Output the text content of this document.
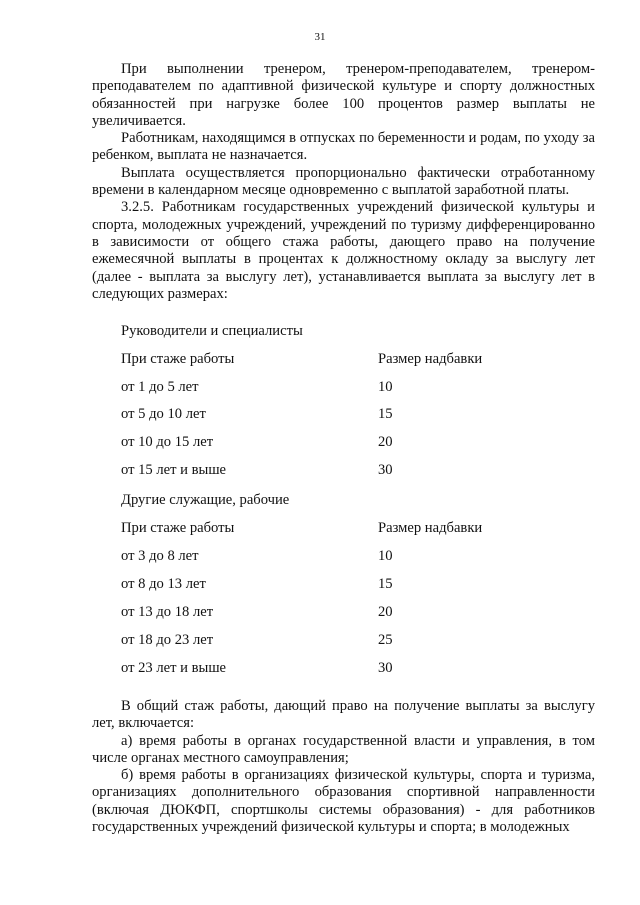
31

При выполнении тренером, тренером-преподавателем, тренером-преподавателем по адаптивной физической культуре и спорту должностных обязанностей при нагрузке более 100 процентов размер выплаты не увеличивается.

Работникам, находящимся в отпусках по беременности и родам, по уходу за ребенком, выплата не назначается.

Выплата осуществляется пропорционально фактически отработанному времени в календарном месяце одновременно с выплатой заработной платы.

3.2.5. Работникам государственных учреждений физической культуры и спорта, молодежных учреждений, учреждений по туризму дифференцированно в зависимости от общего стажа работы, дающего право на получение ежемесячной выплаты в процентах к должностному окладу за выслугу лет (далее - выплата за выслугу лет), устанавливается выплата за выслугу лет в следующих размерах:

Руководители и специалисты
При стаже работы	Размер надбавки
от 1 до 5 лет	10
от 5 до 10 лет	15
от 10 до 15 лет	20
от 15 лет и выше	30
Другие служащие, рабочие
При стаже работы	Размер надбавки
от 3 до 8 лет	10
от 8 до 13 лет	15
от 13 до 18 лет	20
от 18 до 23 лет	25
от 23 лет и выше	30

В общий стаж работы, дающий право на получение выплаты за выслугу лет, включается:

а) время работы в органах государственной власти и управления, в том числе органах местного самоуправления;

б) время работы в организациях физической культуры, спорта и туризма, организациях дополнительного образования спортивной направленности (включая ДЮКФП, спортшколы системы образования) - для работников государственных учреждений физической культуры и спорта; в молодежных
